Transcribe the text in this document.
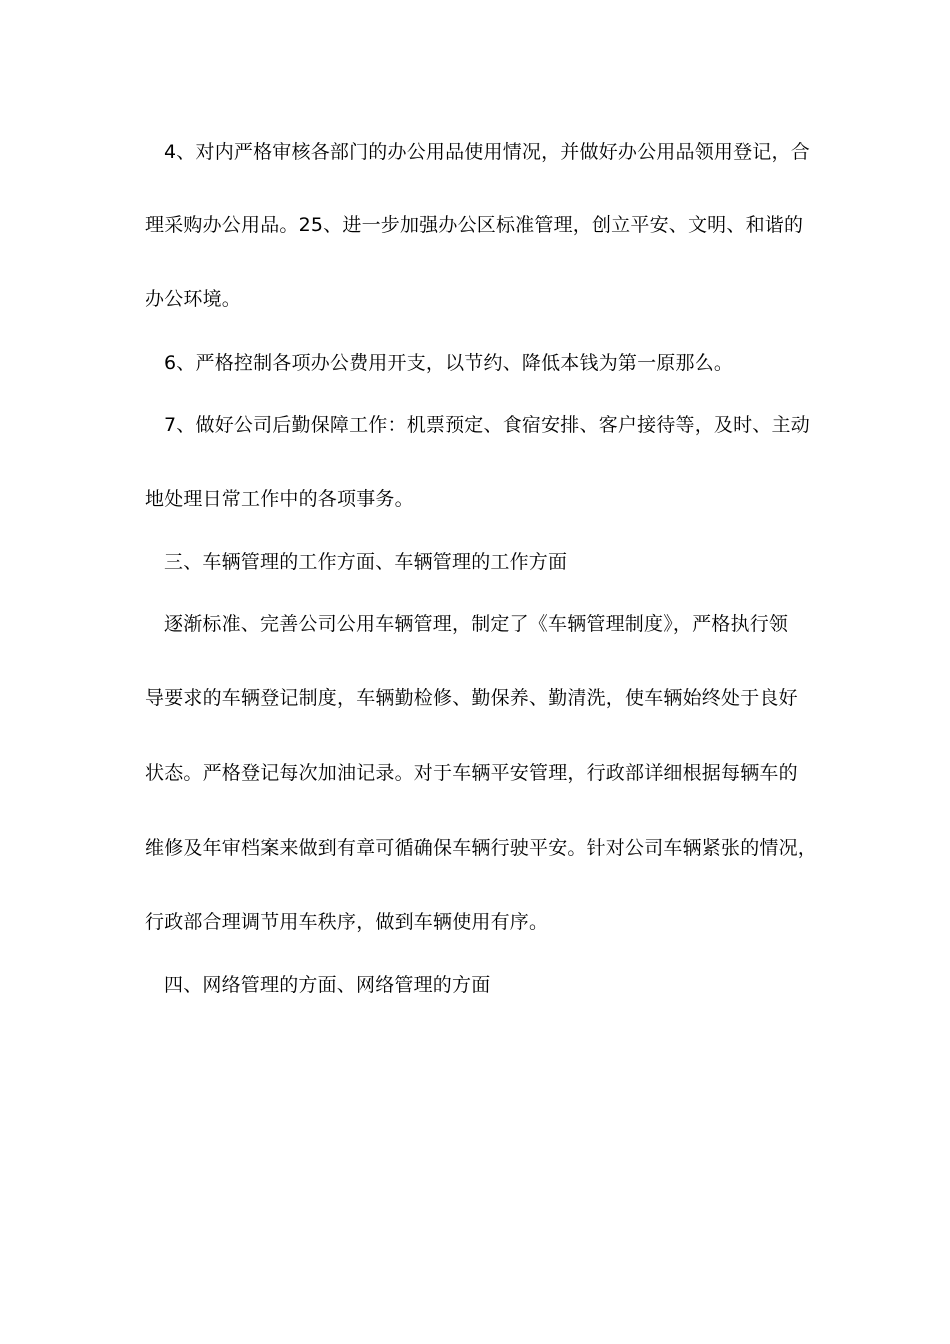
4、对内严格审核各部门的办公用品使用情况，并做好办公用品领用登记，合
理采购办公用品。25、进一步加强办公区标准管理，创立平安、文明、和谐的
办公环境。
6、严格控制各项办公费用开支，以节约、降低本钱为第一原那么。
7、做好公司后勤保障工作：机票预定、食宿安排、客户接待等，及时、主动
地处理日常工作中的各项事务。
三、车辆管理的工作方面、车辆管理的工作方面
逐渐标准、完善公司公用车辆管理，制定了《车辆管理制度》，严格执行领
导要求的车辆登记制度，车辆勤检修、勤保养、勤清洗，使车辆始终处于良好
状态。严格登记每次加油记录。对于车辆平安管理，行政部详细根据每辆车的
维修及年审档案来做到有章可循确保车辆行驶平安。针对公司车辆紧张的情况，
行政部合理调节用车秩序，做到车辆使用有序。
四、网络管理的方面、网络管理的方面
